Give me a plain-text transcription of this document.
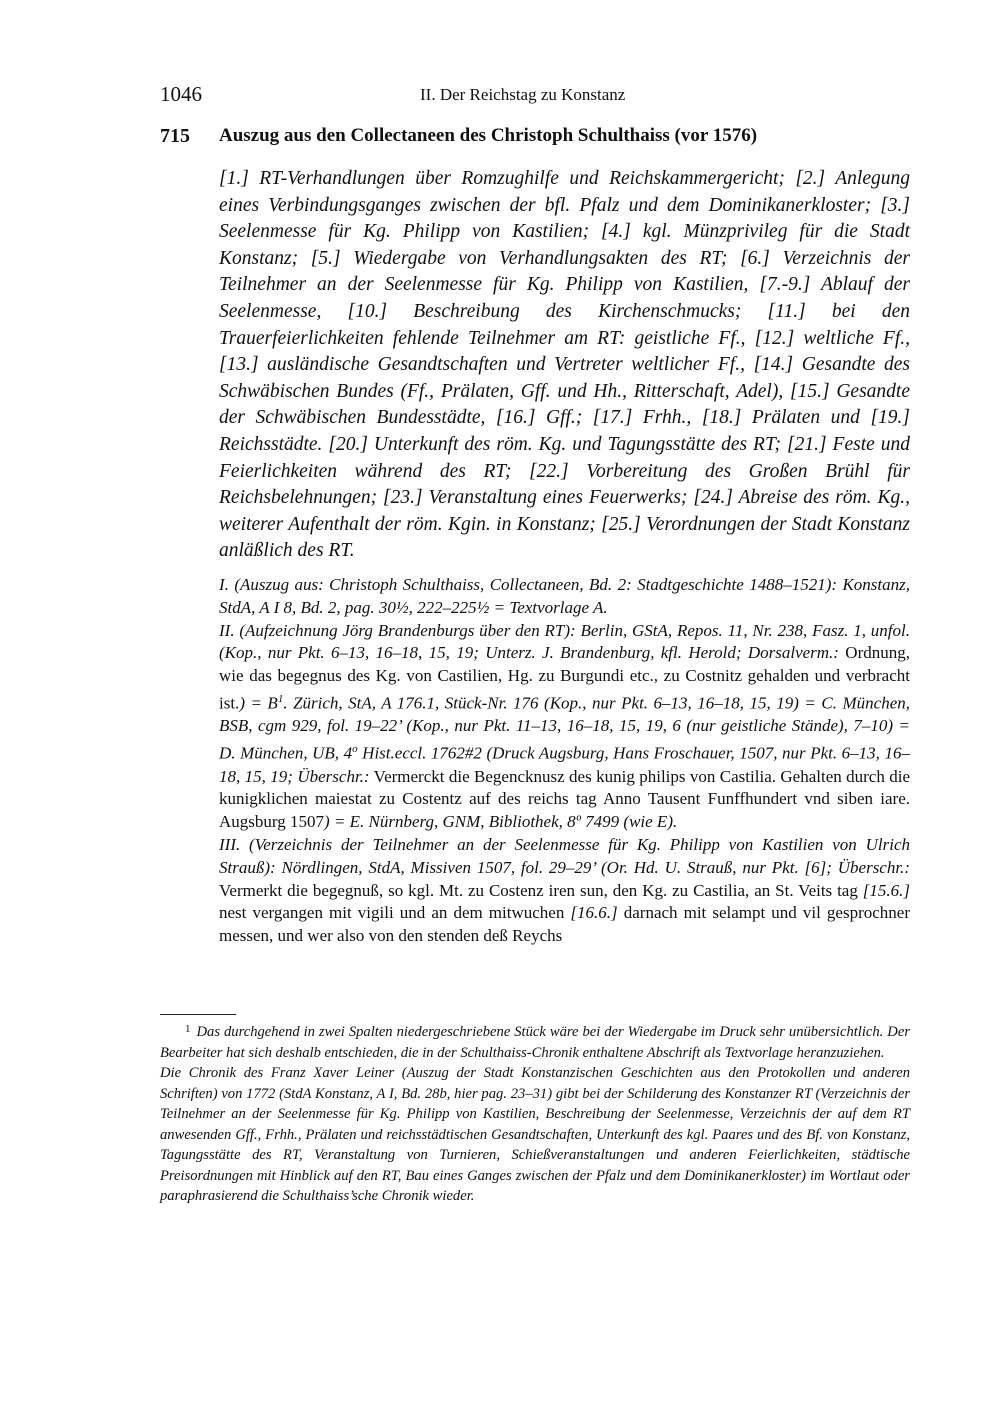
1046	II. Der Reichstag zu Konstanz
715 Auszug aus den Collectaneen des Christoph Schulthaiss (vor 1576)

[1.] RT-Verhandlungen über Romzughilfe und Reichskammergericht; [2.] Anlegung eines Verbindungsganges zwischen der bfl. Pfalz und dem Dominikanerkloster; [3.] Seelenmesse für Kg. Philipp von Kastilien; [4.] kgl. Münzprivileg für die Stadt Konstanz; [5.] Wiedergabe von Verhandlungsakten des RT; [6.] Verzeichnis der Teilnehmer an der Seelenmesse für Kg. Philipp von Kastilien, [7.-9.] Ablauf der Seelenmesse, [10.] Beschreibung des Kirchenschmucks; [11.] bei den Trauerfeierlichkeiten fehlende Teilnehmer am RT: geistliche Ff., [12.] weltliche Ff., [13.] ausländische Gesandtschaften und Vertreter weltlicher Ff., [14.] Gesandte des Schwäbischen Bundes (Ff., Prälaten, Gff. und Hh., Ritterschaft, Adel), [15.] Gesandte der Schwäbischen Bundesstädte, [16.] Gff.; [17.] Frhh., [18.] Prälaten und [19.] Reichsstädte. [20.] Unterkunft des röm. Kg. und Tagungsstätte des RT; [21.] Feste und Feierlichkeiten während des RT; [22.] Vorbereitung des Großen Brühl für Reichsbelehnungen; [23.] Veranstaltung eines Feuerwerks; [24.] Abreise des röm. Kg., weiterer Aufenthalt der röm. Kgin. in Konstanz; [25.] Verordnungen der Stadt Konstanz anläßlich des RT.

I. (Auszug aus: Christoph Schulthaiss, Collectaneen, Bd. 2: Stadtgeschichte 1488–1521): Konstanz, StdA, A I 8, Bd. 2, pag. 30½, 222–225½ = Textvorlage A.

II. (Aufzeichnung Jörg Brandenburgs über den RT): Berlin, GStA, Repos. 11, Nr. 238, Fasz. 1, unfol. (Kop., nur Pkt. 6–13, 16–18, 15, 19; Unterz. J. Brandenburg, kfl. Herold; Dorsalverm.: Ordnung, wie das begegnus des Kg. von Castilien, Hg. zu Burgundi etc., zu Costnitz gehalden und verbracht $ist.) = B^1$. Zürich, StA, A 176.1, Stück-Nr. 176 (Kop., nur Pkt. 6–13, 16–18, 15, 19) = C. München, BSB, cgm 929, fol. 19–22’ (Kop., nur Pkt. 11–13, 16–18, 15, 19, 6 (nur geistliche Stände), 7–10) = D. München, UB, 4$^o$ Hist.eccl. 1762#2 (Druck Augsburg, Hans Froschauer, 1507, nur Pkt. 6–13, 16–18, 15, 19; Überschr.: Vermerckt die Begencknusz des kunig philips von Castilia. Gehalten durch die kunigklichen maiestat zu Costentz auf des reichs tag Anno Tausent Funffhundert vnd siben iare. Augsburg 1507) = E. Nürnberg, GNM, Bibliothek, 8º 7499 (wie E).

III. (Verzeichnis der Teilnehmer an der Seelenmesse für Kg. Philipp von Kastilien von Ulrich Strauß): Nördlingen, StdA, Missiven 1507, fol. 29–29’ (Or. Hd. U. Strauß, nur Pkt. [6]; Überschr.: Vermerkt die begegnuß, so kgl. Mt. zu Costenz iren sun, den Kg. zu Castilia, an St. Veits tag [15.6.] nest vergangen mit vigili und an dem mitwuchen [16.6.] darnach mit selampt und vil gesprochner messen, und wer also von den stenden deß Reychs

$^1$ Das durchgehend in zwei Spalten niedergeschriebene Stück wäre bei der Wiedergabe im Druck sehr unübersichtlich. Der Bearbeiter hat sich deshalb entschieden, die in der Schulthaiss-Chronik enthaltene Abschrift als Textvorlage heranzuziehen.

Die Chronik des Franz Xaver Leiner (Auszug der Stadt Konstanzischen Geschichten aus den Protokollen und anderen Schriften) von 1772 (StdA Konstanz, A I, Bd. 28b, hier pag. 23–31) gibt bei der Schilderung des Konstanzer RT (Verzeichnis der Teilnehmer an der Seelenmesse für Kg. Philipp von Kastilien, Beschreibung der Seelenmesse, Verzeichnis der auf dem RT anwesenden Gff., Frhh., Prälaten und reichsstädtischen Gesandtschaften, Unterkunft des kgl. Paares und des Bf. von Konstanz, Tagungsstätte des RT, Veranstaltung von Turnieren, Schießveranstaltungen und anderen Feierlichkeiten, städtische Preisordnungen mit Hinblick auf den RT, Bau eines Ganges zwischen der Pfalz und dem Dominikanerkloster) im Wortlaut oder paraphrasierend die Schulthaiss’sche Chronik wieder.
